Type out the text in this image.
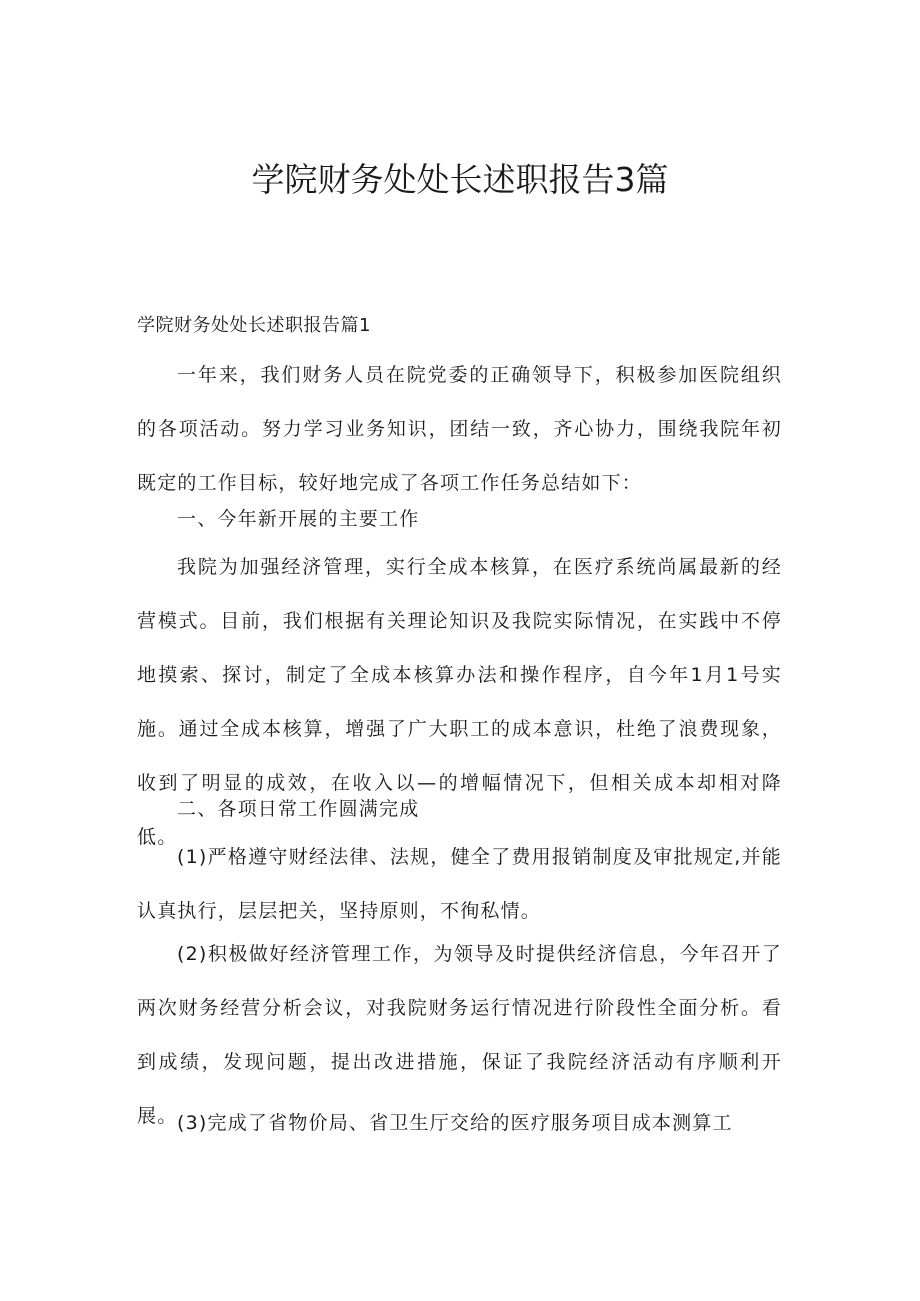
学院财务处处长述职报告3篇

学院财务处处长述职报告篇1

一年来，我们财务人员在院党委的正确领导下，积极参加医院组织的各项活动。努力学习业务知识，团结一致，齐心协力，围绕我院年初既定的工作目标，较好地完成了各项工作任务总结如下：

一、今年新开展的主要工作

我院为加强经济管理，实行全成本核算，在医疗系统尚属最新的经营模式。目前，我们根据有关理论知识及我院实际情况，在实践中不停地摸索、探讨，制定了全成本核算办法和操作程序，自今年1月1号实施。通过全成本核算，增强了广大职工的成本意识，杜绝了浪费现象，收到了明显的成效，在收入以—的增幅情况下，但相关成本却相对降低。

二、各项日常工作圆满完成

(1)严格遵守财经法律、法规，健全了费用报销制度及审批规定,并能认真执行，层层把关，坚持原则，不徇私情。

(2)积极做好经济管理工作，为领导及时提供经济信息，今年召开了两次财务经营分析会议，对我院财务运行情况进行阶段性全面分析。看到成绩，发现问题，提出改进措施，保证了我院经济活动有序顺利开展。 (3)完成了省物价局、省卫生厅交给的医疗服务项目成本测算工
